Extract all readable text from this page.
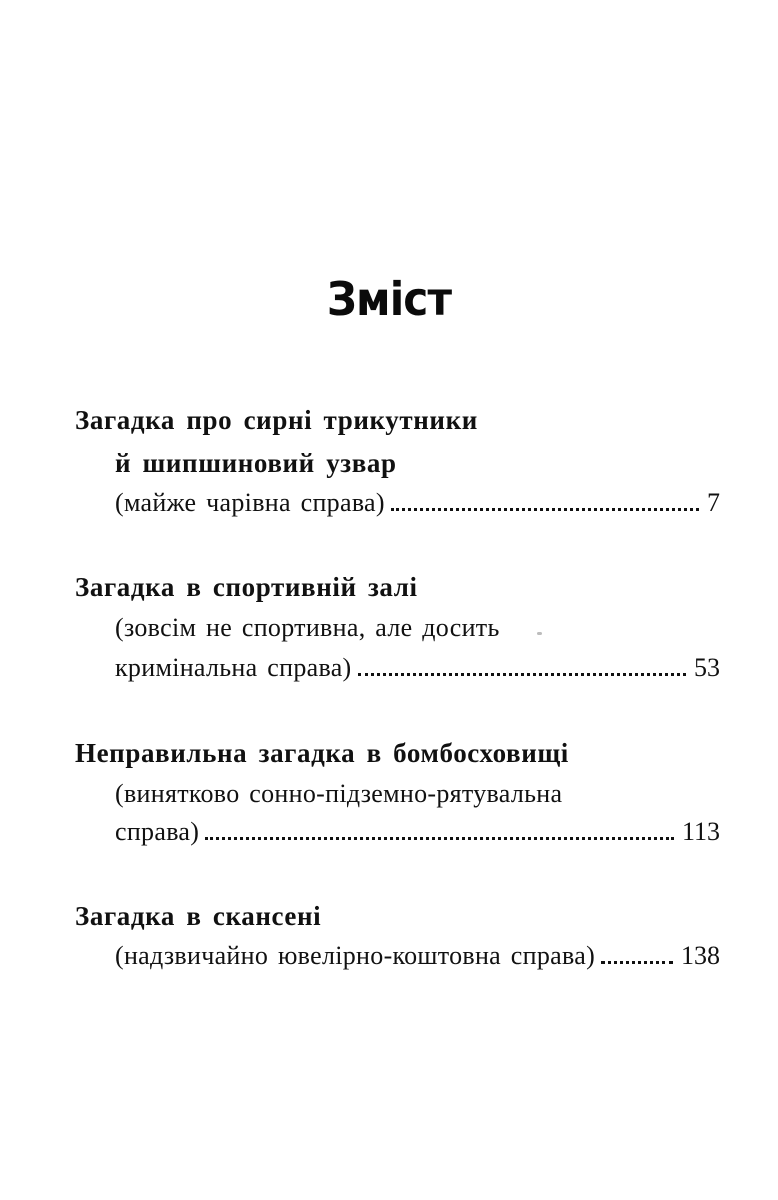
Зміст
Загадка про сирні трикутники
й шипшиновий узвар
(майже чарівна справа)	7
Загадка в спортивній залі
(зовсім не спортивна, але досить
кримінальна справа)	53
Неправильна загадка в бомбосховищі
(винятково сонно-підземно-рятувальна
справа)	113
Загадка в скансені
(надзвичайно ювелірно-коштовна справа)	138
